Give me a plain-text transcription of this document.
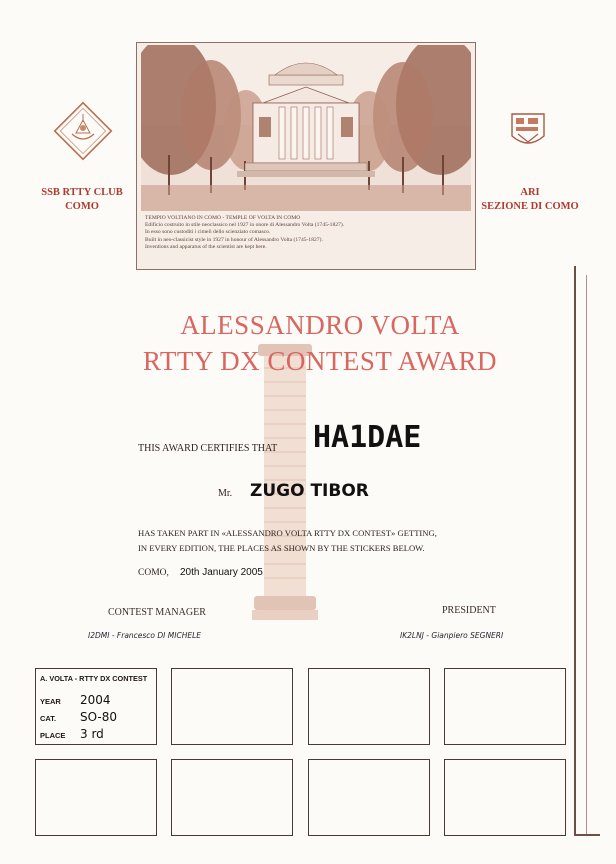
SSB RTTY CLUB
COMO
ARI
SEZIONE DI COMO
TEMPIO VOLTIANO IN COMO - TEMPLE OF VOLTA IN COMO
Edificio costruito in stile neoclassico nel 1927 in onore di Alessandro Volta (1745-1827).
In esso sono custoditi i cimeli dello scienziato comasco.
Built in neo-classicist style in 1927 in honour of Alessandro Volta (1745-1827).
Inventions and apparatus of the scientist are kept here.
ALESSANDRO VOLTA
RTTY DX CONTEST AWARD
THIS AWARD CERTIFIES THAT HA1DAE
Mr. ZUGO TIBOR
HAS TAKEN PART IN «ALESSANDRO VOLTA RTTY DX CONTEST» GETTING,
IN EVERY EDITION, THE PLACES AS SHOWN BY THE STICKERS BELOW.
COMO, 20th January 2005
CONTEST MANAGER
I2DMI - Francesco DI MICHELE
PRESIDENT
IK2LNJ - Gianpiero SEGNERI
A. VOLTA - RTTY DX CONTEST
YEAR 2004
CAT. SO-80
PLACE 3 rd
